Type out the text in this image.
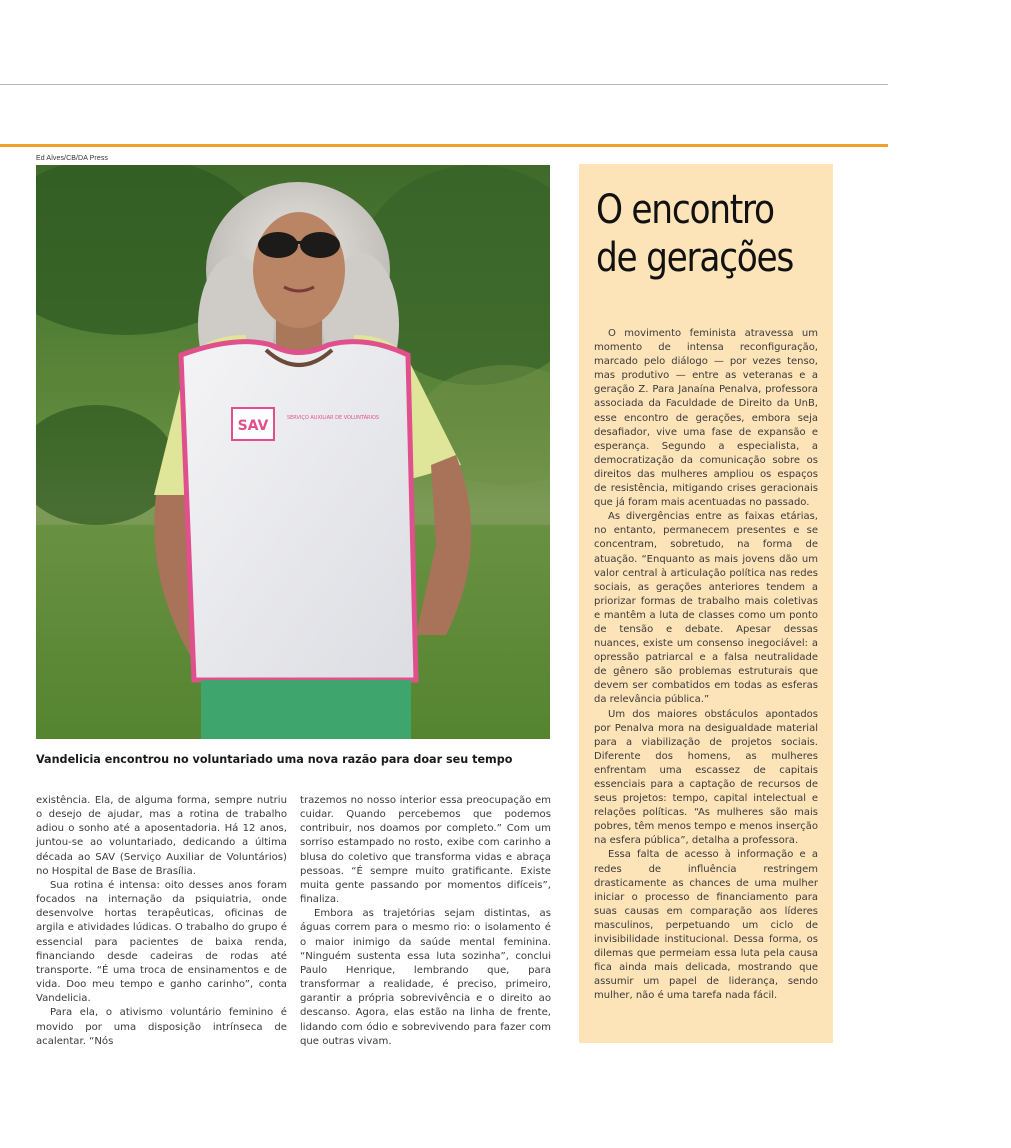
Ed Alves/CB/DA Press
SAV	SERVIÇO AUXILIAR DE VOLUNTÁRIOS
Vandelicia encontrou no voluntariado uma nova razão para doar seu tempo

existência. Ela, de alguma forma, sempre nutriu o desejo de ajudar, mas a rotina de trabalho adiou o sonho até a aposentadoria. Há 12 anos, juntou-se ao voluntariado, dedicando a última década ao SAV (Serviço Auxiliar de Voluntários) no Hospital de Base de Brasília.

Sua rotina é intensa: oito desses anos foram focados na internação da psiquiatria, onde desenvolve hortas terapêuticas, oficinas de argila e atividades lúdicas. O trabalho do grupo é essencial para pacientes de baixa renda, financiando desde cadeiras de rodas até transporte. “É uma troca de ensinamentos e de vida. Doo meu tempo e ganho carinho”, conta Vandelicia.

Para ela, o ativismo voluntário feminino é movido por uma disposição intrínseca de acalentar. “Nós

trazemos no nosso interior essa preocupação em cuidar. Quando percebemos que podemos contribuir, nos doamos por completo.” Com um sorriso estampado no rosto, exibe com carinho a blusa do coletivo que transforma vidas e abraça pessoas. “É sempre muito gratificante. Existe muita gente passando por momentos difíceis”, finaliza.

Embora as trajetórias sejam distintas, as águas correm para o mesmo rio: o isolamento é o maior inimigo da saúde mental feminina. “Ninguém sustenta essa luta sozinha”, conclui Paulo Henrique, lembrando que, para transformar a realidade, é preciso, primeiro, garantir a própria sobrevivência e o direito ao descanso. Agora, elas estão na linha de frente, lidando com ódio e sobrevivendo para fazer com que outras vivam.

O encontro
de gerações

O movimento feminista atravessa um momento de intensa reconfiguração, marcado pelo diálogo — por vezes tenso, mas produtivo — entre as veteranas e a geração Z. Para Janaína Penalva, professora associada da Faculdade de Direito da UnB, esse encontro de gerações, embora seja desafiador, vive uma fase de expansão e esperança. Segundo a especialista, a democratização da comunicação sobre os direitos das mulheres ampliou os espaços de resistência, mitigando crises geracionais que já foram mais acentuadas no passado.

As divergências entre as faixas etárias, no entanto, permanecem presentes e se concentram, sobretudo, na forma de atuação. “Enquanto as mais jovens dão um valor central à articulação política nas redes sociais, as gerações anteriores tendem a priorizar formas de trabalho mais coletivas e mantêm a luta de classes como um ponto de tensão e debate. Apesar dessas nuances, existe um consenso inegociável: a opressão patriarcal e a falsa neutralidade de gênero são problemas estruturais que devem ser combatidos em todas as esferas da relevância pública.”

Um dos maiores obstáculos apontados por Penalva mora na desigualdade material para a viabilização de projetos sociais. Diferente dos homens, as mulheres enfrentam uma escassez de capitais essenciais para a captação de recursos de seus projetos: tempo, capital intelectual e relações políticas. “As mulheres são mais pobres, têm menos tempo e menos inserção na esfera pública”, detalha a professora.

Essa falta de acesso à informação e a redes de influência restringem drasticamente as chances de uma mulher iniciar o processo de financiamento para suas causas em comparação aos líderes masculinos, perpetuando um ciclo de invisibilidade institucional. Dessa forma, os dilemas que permeiam essa luta pela causa fica ainda mais delicada, mostrando que assumir um papel de liderança, sendo mulher, não é uma tarefa nada fácil.
